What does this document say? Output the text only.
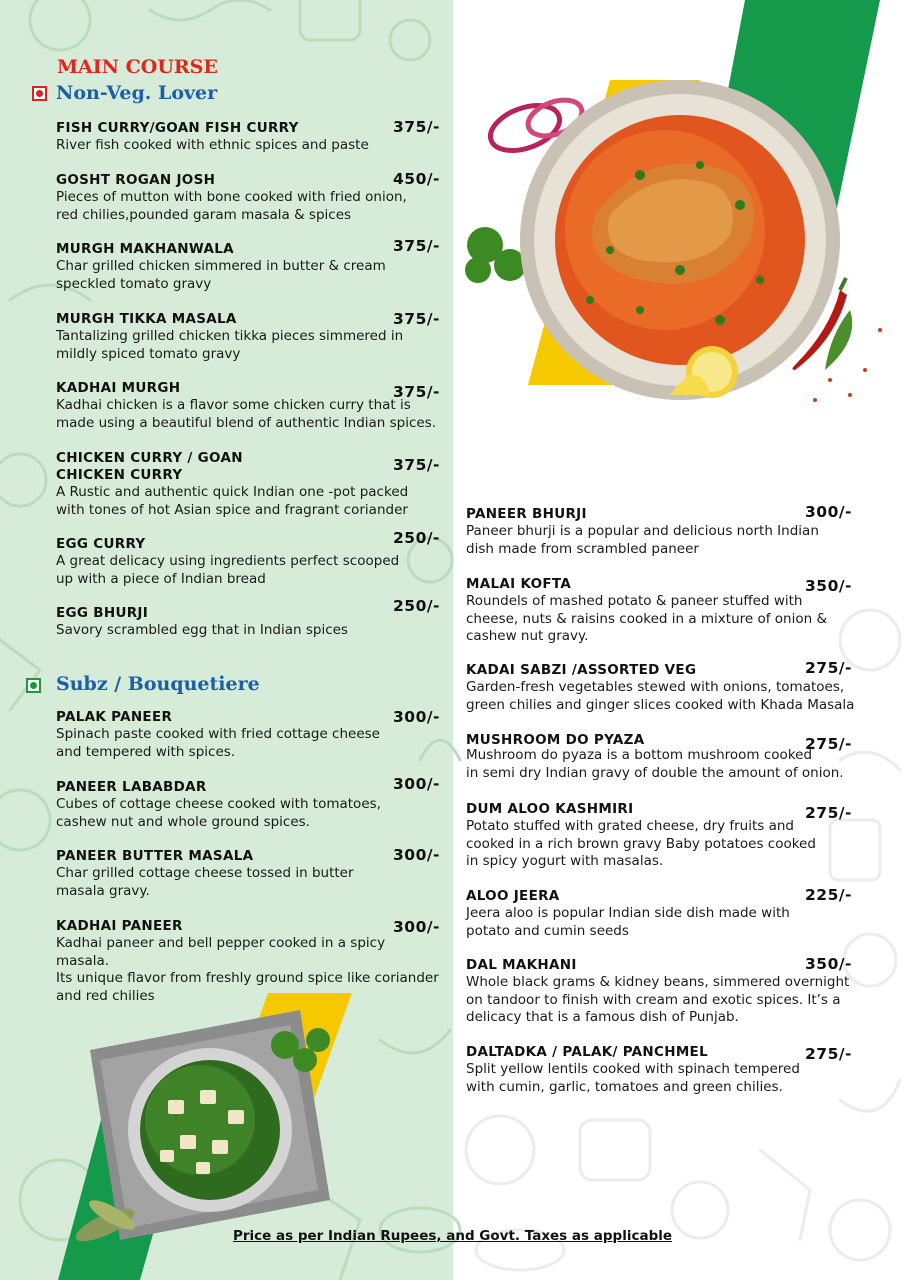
MAIN COURSE
Non-Veg. Lover
Subz / Bouquetiere

FISH CURRY/GOAN FISH CURRY

River fish cooked with ethnic spices and paste

375/-

GOSHT ROGAN JOSH

Pieces of mutton with bone cooked with fried onion,
red chilies,pounded garam masala & spices

450/-

MURGH MAKHANWALA

Char grilled chicken simmered in butter & cream
speckled tomato gravy

375/-

MURGH TIKKA MASALA

Tantalizing grilled chicken tikka pieces simmered in
mildly spiced tomato gravy

375/-

KADHAI MURGH

Kadhai chicken is a flavor some chicken curry that is
made using a beautiful blend of authentic Indian spices.

375/-

CHICKEN CURRY / GOAN
CHICKEN CURRY

A Rustic and authentic quick Indian one -pot packed
with tones of hot Asian spice and fragrant coriander

375/-

EGG CURRY

A great delicacy using ingredients perfect scooped
up with a piece of Indian bread

250/-

EGG BHURJI

Savory scrambled egg that in Indian spices

250/-

PALAK PANEER

Spinach paste cooked with fried cottage cheese
and tempered with spices.

300/-

PANEER LABABDAR

Cubes of cottage cheese cooked with tomatoes,
cashew nut and whole ground spices.

300/-

PANEER BUTTER MASALA

Char grilled cottage cheese tossed in butter
masala gravy.

300/-

KADHAI PANEER

Kadhai paneer and bell pepper cooked in a spicy
masala.
Its unique flavor from freshly ground spice like coriander
and red chilies

300/-

PANEER BHURJI

Paneer bhurji is a popular and delicious north Indian
dish made from scrambled paneer

300/-

MALAI KOFTA

Roundels of mashed potato & paneer stuffed with
cheese, nuts & raisins cooked in a mixture of onion &
cashew nut gravy.

350/-

KADAI SABZI /ASSORTED VEG

Garden-fresh vegetables stewed with onions, tomatoes,
green chilies and ginger slices cooked with Khada Masala

275/-

MUSHROOM DO PYAZA

Mushroom do pyaza is a bottom mushroom cooked
in semi dry Indian gravy of double the amount of onion.

275/-

DUM ALOO KASHMIRI

Potato stuffed with grated cheese, dry fruits and
cooked in a rich brown gravy Baby potatoes cooked
in spicy yogurt with masalas.

275/-

ALOO JEERA

Jeera aloo is popular Indian side dish made with
potato and cumin seeds

225/-

DAL MAKHANI

Whole black grams & kidney beans, simmered overnight
on tandoor to finish with cream and exotic spices. It’s a
delicacy that is a famous dish of Punjab.

350/-

DALTADKA / PALAK/ PANCHMEL

Split yellow lentils cooked with spinach tempered
with cumin, garlic, tomatoes and green chilies.

275/-
Price as per Indian Rupees, and Govt. Taxes as applicable
